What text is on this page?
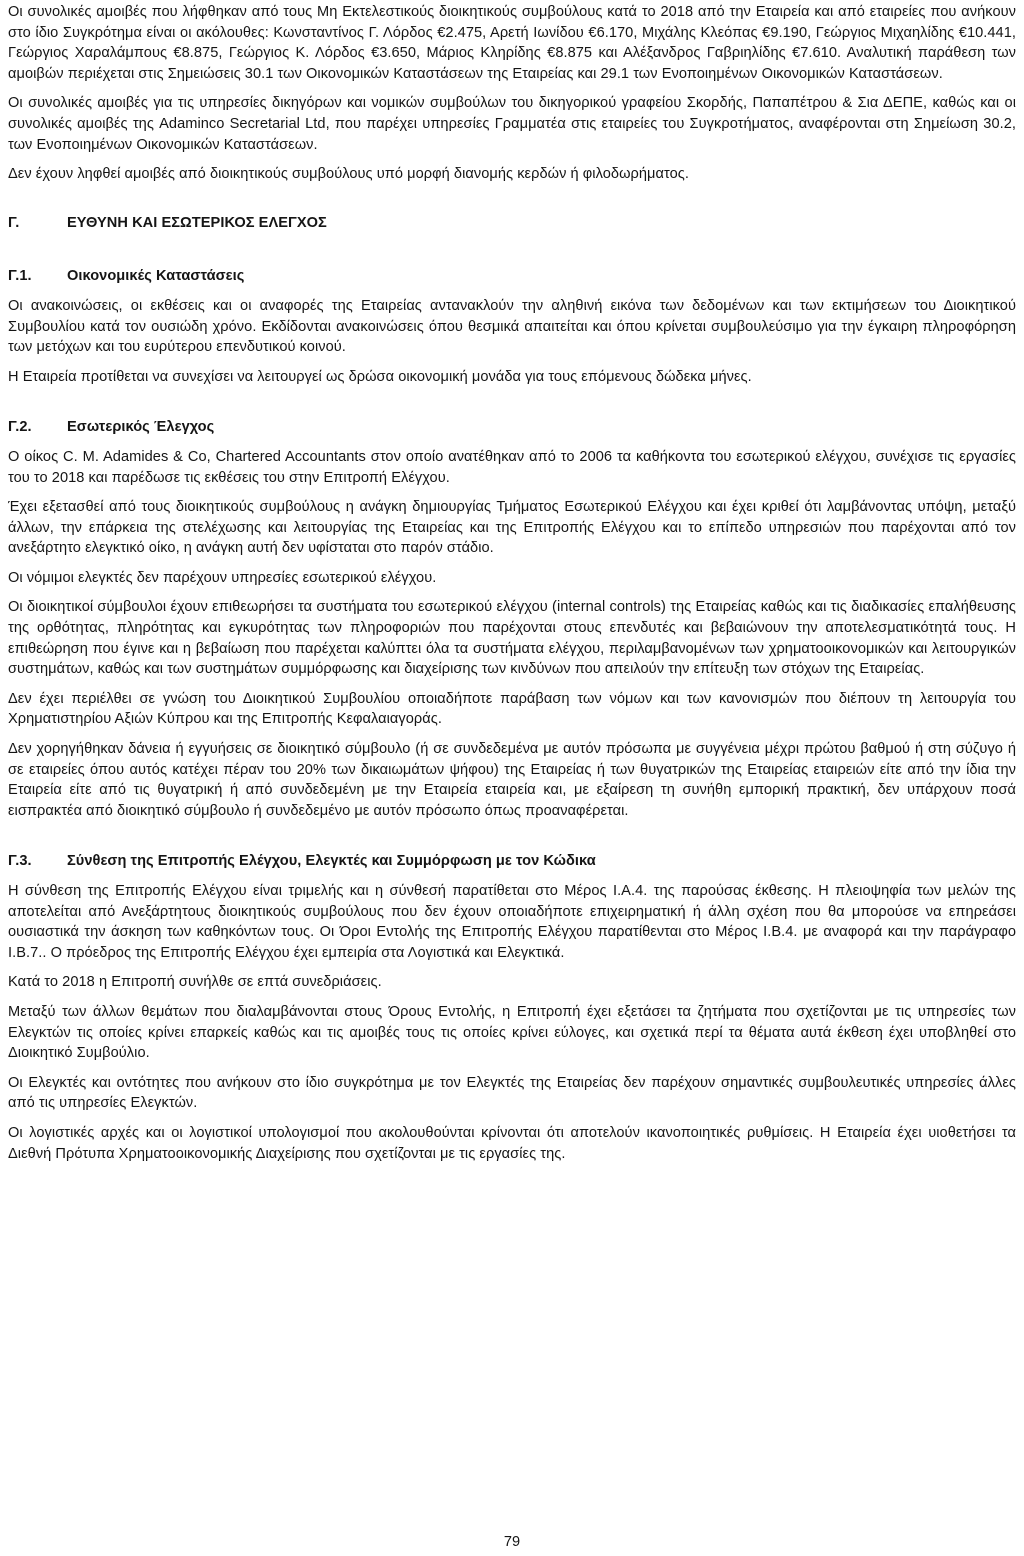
Οι συνολικές αμοιβές που λήφθηκαν από τους Μη Εκτελεστικούς διοικητικούς συμβούλους κατά το 2018 από την Εταιρεία και από εταιρείες που ανήκουν στο ίδιο Συγκρότημα είναι οι ακόλουθες: Κωνσταντίνος Γ. Λόρδος €2.475, Αρετή Ιωνίδου €6.170, Μιχάλης Κλεόπας €9.190, Γεώργιος Μιχαηλίδης €10.441, Γεώργιος Χαραλάμπους €8.875, Γεώργιος Κ. Λόρδος €3.650, Μάριος Κληρίδης €8.875 και Αλέξανδρος Γαβριηλίδης €7.610. Αναλυτική παράθεση των αμοιβών περιέχεται στις Σημειώσεις 30.1 των Οικονομικών Καταστάσεων της Εταιρείας και 29.1 των Ενοποιημένων Οικονομικών Καταστάσεων.

Οι συνολικές αμοιβές για τις υπηρεσίες δικηγόρων και νομικών συμβούλων του δικηγορικού γραφείου Σκορδής, Παπαπέτρου & Σια ΔΕΠΕ, καθώς και οι συνολικές αμοιβές της Adaminco Secretarial Ltd, που παρέχει υπηρεσίες Γραμματέα στις εταιρείες του Συγκροτήματος, αναφέρονται στη Σημείωση 30.2, των Ενοποιημένων Οικονομικών Καταστάσεων.

Δεν έχουν ληφθεί αμοιβές από διοικητικούς συμβούλους υπό μορφή διανομής κερδών ή φιλοδωρήματος.

Γ.	ΕΥΘΥΝΗ ΚΑΙ ΕΣΩΤΕΡΙΚΟΣ ΕΛΕΓΧΟΣ
Γ.1.	Οικονομικές Καταστάσεις

Οι ανακοινώσεις, οι εκθέσεις και οι αναφορές της Εταιρείας αντανακλούν την αληθινή εικόνα των δεδομένων και των εκτιμήσεων του Διοικητικού Συμβουλίου κατά τον ουσιώδη χρόνο. Εκδίδονται ανακοινώσεις όπου θεσμικά απαιτείται και όπου κρίνεται συμβουλεύσιμο για την έγκαιρη πληροφόρηση των μετόχων και του ευρύτερου επενδυτικού κοινού.

Η Εταιρεία προτίθεται να συνεχίσει να λειτουργεί ως δρώσα οικονομική μονάδα για τους επόμενους δώδεκα μήνες.

Γ.2.	Εσωτερικός Έλεγχος

Ο οίκος C. M. Adamides & Co, Chartered Accountants στον οποίο ανατέθηκαν από το 2006 τα καθήκοντα του εσωτερικού ελέγχου, συνέχισε τις εργασίες του το 2018 και παρέδωσε τις εκθέσεις του στην Επιτροπή Ελέγχου.

Έχει εξετασθεί από τους διοικητικούς συμβούλους η ανάγκη δημιουργίας Τμήματος Εσωτερικού Ελέγχου και έχει κριθεί ότι λαμβάνοντας υπόψη, μεταξύ άλλων, την επάρκεια της στελέχωσης και λειτουργίας της Εταιρείας και της Επιτροπής Ελέγχου και το επίπεδο υπηρεσιών που παρέχονται από τον ανεξάρτητο ελεγκτικό οίκο, η ανάγκη αυτή δεν υφίσταται στο παρόν στάδιο.

Οι νόμιμοι ελεγκτές δεν παρέχουν υπηρεσίες εσωτερικού ελέγχου.

Οι διοικητικοί σύμβουλοι έχουν επιθεωρήσει τα συστήματα του εσωτερικού ελέγχου (internal controls) της Εταιρείας καθώς και τις διαδικασίες επαλήθευσης της ορθότητας, πληρότητας και εγκυρότητας των πληροφοριών που παρέχονται στους επενδυτές και βεβαιώνουν την αποτελεσματικότητά τους. Η επιθεώρηση που έγινε και η βεβαίωση που παρέχεται καλύπτει όλα τα συστήματα ελέγχου, περιλαμβανομένων των χρηματοοικονομικών και λειτουργικών συστημάτων, καθώς και των συστημάτων συμμόρφωσης και διαχείρισης των κινδύνων που απειλούν την επίτευξη των στόχων της Εταιρείας.

Δεν έχει περιέλθει σε γνώση του Διοικητικού Συμβουλίου οποιαδήποτε παράβαση των νόμων και των κανονισμών που διέπουν τη λειτουργία του Χρηματιστηρίου Αξιών Κύπρου και της Επιτροπής Κεφαλαιαγοράς.

Δεν χορηγήθηκαν δάνεια ή εγγυήσεις σε διοικητικό σύμβουλο (ή σε συνδεδεμένα με αυτόν πρόσωπα με συγγένεια μέχρι πρώτου βαθμού ή στη σύζυγο ή σε εταιρείες όπου αυτός κατέχει πέραν του 20% των δικαιωμάτων ψήφου) της Εταιρείας ή των θυγατρικών της Εταιρείας εταιρειών είτε από την ίδια την Εταιρεία είτε από τις θυγατρική ή από συνδεδεμένη με την Εταιρεία εταιρεία και, με εξαίρεση τη συνήθη εμπορική πρακτική, δεν υπάρχουν ποσά εισπρακτέα από διοικητικό σύμβουλο ή συνδεδεμένο με αυτόν πρόσωπο όπως προαναφέρεται.

Γ.3.	Σύνθεση της Επιτροπής Ελέγχου, Ελεγκτές και Συμμόρφωση με τον Κώδικα

Η σύνθεση της Επιτροπής Ελέγχου είναι τριμελής και η σύνθεσή παρατίθεται στο Μέρος Ι.Α.4. της παρούσας έκθεσης. Η πλειοψηφία των μελών της αποτελείται από Ανεξάρτητους διοικητικούς συμβούλους που δεν έχουν οποιαδήποτε επιχειρηματική ή άλλη σχέση που θα μπορούσε να επηρεάσει ουσιαστικά την άσκηση των καθηκόντων τους. Οι Όροι Εντολής της Επιτροπής Ελέγχου παρατίθενται στο Μέρος Ι.Β.4. με αναφορά και την παράγραφο Ι.Β.7.. Ο πρόεδρος της Επιτροπής Ελέγχου έχει εμπειρία στα Λογιστικά και Ελεγκτικά.

Κατά το 2018 η Επιτροπή συνήλθε σε επτά συνεδριάσεις.

Μεταξύ των άλλων θεμάτων που διαλαμβάνονται στους Όρους Εντολής, η Επιτροπή έχει εξετάσει τα ζητήματα που σχετίζονται με τις υπηρεσίες των Ελεγκτών τις οποίες κρίνει επαρκείς καθώς και τις αμοιβές τους τις οποίες κρίνει εύλογες, και σχετικά περί τα θέματα αυτά έκθεση έχει υποβληθεί στο Διοικητικό Συμβούλιο.

Οι Ελεγκτές και οντότητες που ανήκουν στο ίδιο συγκρότημα με τον Ελεγκτές της Εταιρείας δεν παρέχουν σημαντικές συμβουλευτικές υπηρεσίες άλλες από τις υπηρεσίες Ελεγκτών.

Οι λογιστικές αρχές και οι λογιστικοί υπολογισμοί που ακολουθούνται κρίνονται ότι αποτελούν ικανοποιητικές ρυθμίσεις. Η Εταιρεία έχει υιοθετήσει τα Διεθνή Πρότυπα Χρηματοοικονομικής Διαχείρισης που σχετίζονται με τις εργασίες της.

79
